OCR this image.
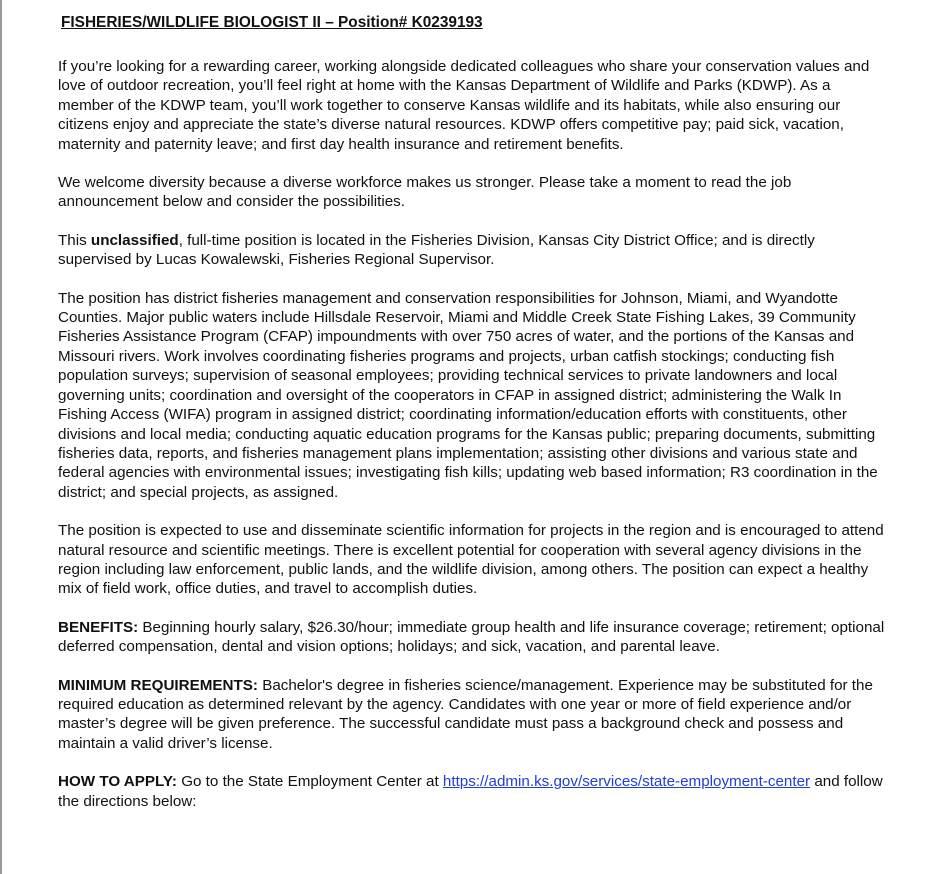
FISHERIES/WILDLIFE BIOLOGIST II – Position# K0239193

If you’re looking for a rewarding career, working alongside dedicated colleagues who share your conservation values and love of outdoor recreation, you’ll feel right at home with the Kansas Department of Wildlife and Parks (KDWP). As a member of the KDWP team, you’ll work together to conserve Kansas wildlife and its habitats, while also ensuring our citizens enjoy and appreciate the state’s diverse natural resources. KDWP offers competitive pay; paid sick, vacation, maternity and paternity leave; and first day health insurance and retirement benefits.

We welcome diversity because a diverse workforce makes us stronger. Please take a moment to read the job announcement below and consider the possibilities.

This unclassified, full-time position is located in the Fisheries Division, Kansas City District Office; and is directly supervised by Lucas Kowalewski, Fisheries Regional Supervisor.

The position has district fisheries management and conservation responsibilities for Johnson, Miami, and Wyandotte Counties. Major public waters include Hillsdale Reservoir, Miami and Middle Creek State Fishing Lakes, 39 Community Fisheries Assistance Program (CFAP) impoundments with over 750 acres of water, and the portions of the Kansas and Missouri rivers. Work involves coordinating fisheries programs and projects, urban catfish stockings; conducting fish population surveys; supervision of seasonal employees; providing technical services to private landowners and local governing units; coordination and oversight of the cooperators in CFAP in assigned district; administering the Walk In Fishing Access (WIFA) program in assigned district; coordinating information/education efforts with constituents, other divisions and local media; conducting aquatic education programs for the Kansas public; preparing documents, submitting fisheries data, reports, and fisheries management plans implementation; assisting other divisions and various state and federal agencies with environmental issues; investigating fish kills; updating web based information; R3 coordination in the district; and special projects, as assigned.

The position is expected to use and disseminate scientific information for projects in the region and is encouraged to attend natural resource and scientific meetings. There is excellent potential for cooperation with several agency divisions in the region including law enforcement, public lands, and the wildlife division, among others. The position can expect a healthy mix of field work, office duties, and travel to accomplish duties.

BENEFITS: Beginning hourly salary, $26.30/hour; immediate group health and life insurance coverage; retirement; optional deferred compensation, dental and vision options; holidays; and sick, vacation, and parental leave.

MINIMUM REQUIREMENTS: Bachelor's degree in fisheries science/management. Experience may be substituted for the required education as determined relevant by the agency. Candidates with one year or more of field experience and/or master’s degree will be given preference. The successful candidate must pass a background check and possess and maintain a valid driver’s license.

HOW TO APPLY: Go to the State Employment Center at https://admin.ks.gov/services/state-employment-center and follow the directions below:
